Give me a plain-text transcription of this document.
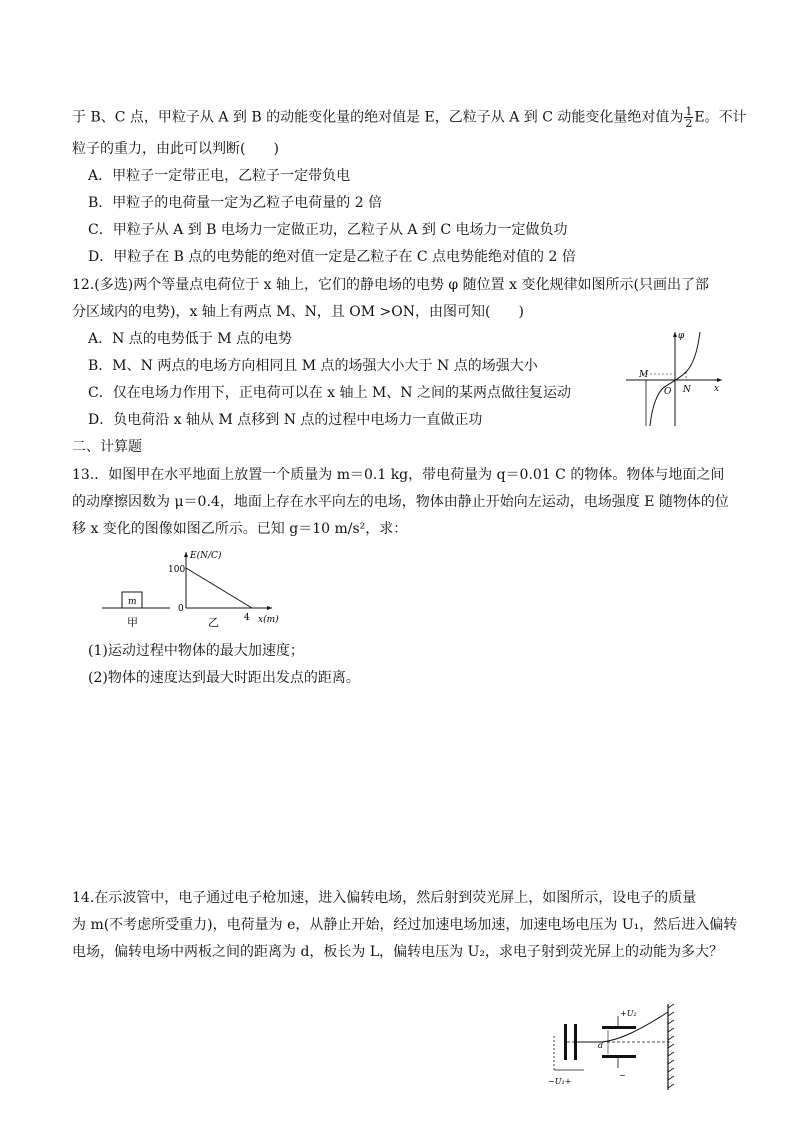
于 B、C 点，甲粒子从 A 到 B 的动能变化量的绝对值是 E，乙粒子从 A 到 C 动能变化量绝对值为 $\frac{1}{2}$ E。不计
粒子的重力，由此可以判断(　　)
A．甲粒子一定带正电，乙粒子一定带负电
B．甲粒子的电荷量一定为乙粒子电荷量的 2 倍
C．甲粒子从 A 到 B 电场力一定做正功，乙粒子从 A 到 C 电场力一定做负功
D．甲粒子在 B 点的电势能的绝对值一定是乙粒子在 C 点电势能绝对值的 2 倍
12.(多选)两个等量点电荷位于 x 轴上，它们的静电场的电势 φ 随位置 x 变化规律如图所示(只画出了部
分区域内的电势)，x 轴上有两点 M、N，且 OM >ON，由图可知(　　)
A．N 点的电势低于 M 点的电势
B．M、N 两点的电场方向相同且 M 点的场强大小大于 N 点的场强大小
C．仅在电场力作用下，正电荷可以在 x 轴上 M、N 之间的某两点做往复运动
D．负电荷沿 x 轴从 M 点移到 N 点的过程中电场力一直做正功
φ
x
M
O N
二、计算题
13.．如图甲在水平地面上放置一个质量为 m＝0.1 kg，带电荷量为 q＝0.01 C 的物体。物体与地面之间
的动摩擦因数为 μ＝0.4，地面上存在水平向左的电场，物体由静止开始向左运动，电场强度 E 随物体的位
移 x 变化的图像如图乙所示。已知 g＝10 m/s²，求：
m
甲
E(N/C)
100
0
4 x(m)
乙
(1)运动过程中物体的最大加速度；
(2)物体的速度达到最大时距出发点的距离。
14.在示波管中，电子通过电子枪加速，进入偏转电场，然后射到荧光屏上，如图所示，设电子的质量
为 m(不考虑所受重力)，电荷量为 e，从静止开始，经过加速电场加速，加速电场电压为 U₁，然后进入偏转
电场，偏转电场中两板之间的距离为 d，板长为 L，偏转电压为 U₂，求电子射到荧光屏上的动能为多大？
−U₁+
+U₂
−
d
